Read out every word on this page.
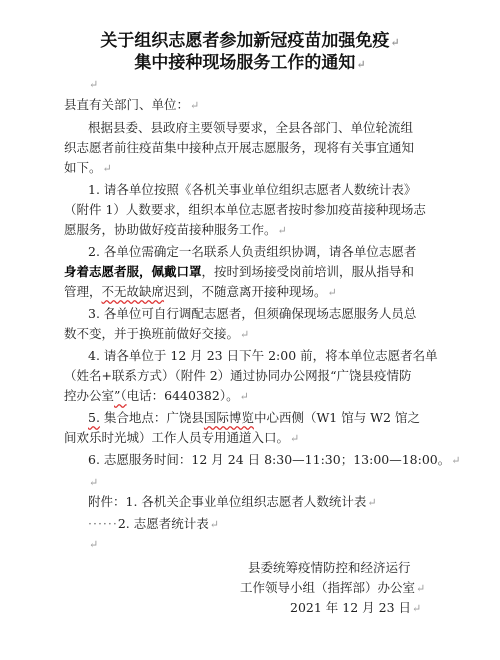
关于组织志愿者参加新冠疫苗加强免疫↵
集中接种现场服务工作的通知↵
↵
县直有关部门、单位：↵
根据县委、县政府主要领导要求，全县各部门、单位轮流组
织志愿者前往疫苗集中接种点开展志愿服务，现将有关事宜通知
如下。↵
1. 请各单位按照《各机关事业单位组织志愿者人数统计表》
（附件 1）人数要求，组织本单位志愿者按时参加疫苗接种现场志
愿服务，协助做好疫苗接种服务工作。↵
2. 各单位需确定一名联系人负责组织协调，请各单位志愿者
身着志愿者服，佩戴口罩，按时到场接受岗前培训，服从指导和
管理，不无故缺席迟到，不随意离开接种现场。↵
3. 各单位可自行调配志愿者，但须确保现场志愿服务人员总
数不变，并于换班前做好交接。↵
4. 请各单位于 12 月 23 日下午 2:00 前，将本单位志愿者名单
（姓名+联系方式）（附件 2）通过协同办公网报“广饶县疫情防
控办公室”（电话：6440382）。↵
5. 集合地点：广饶县国际博览中心西侧（W1 馆与 W2 馆之
间欢乐时光城）工作人员专用通道入口。↵
6. 志愿服务时间：12 月 24 日 8:30—11:30；13:00—18:00。↵
↵
附件：1. 各机关企事业单位组织志愿者人数统计表↵
······2. 志愿者统计表↵
↵
县委统筹疫情防控和经济运行
工作领导小组（指挥部）办公室↵
2021 年 12 月 23 日↵
